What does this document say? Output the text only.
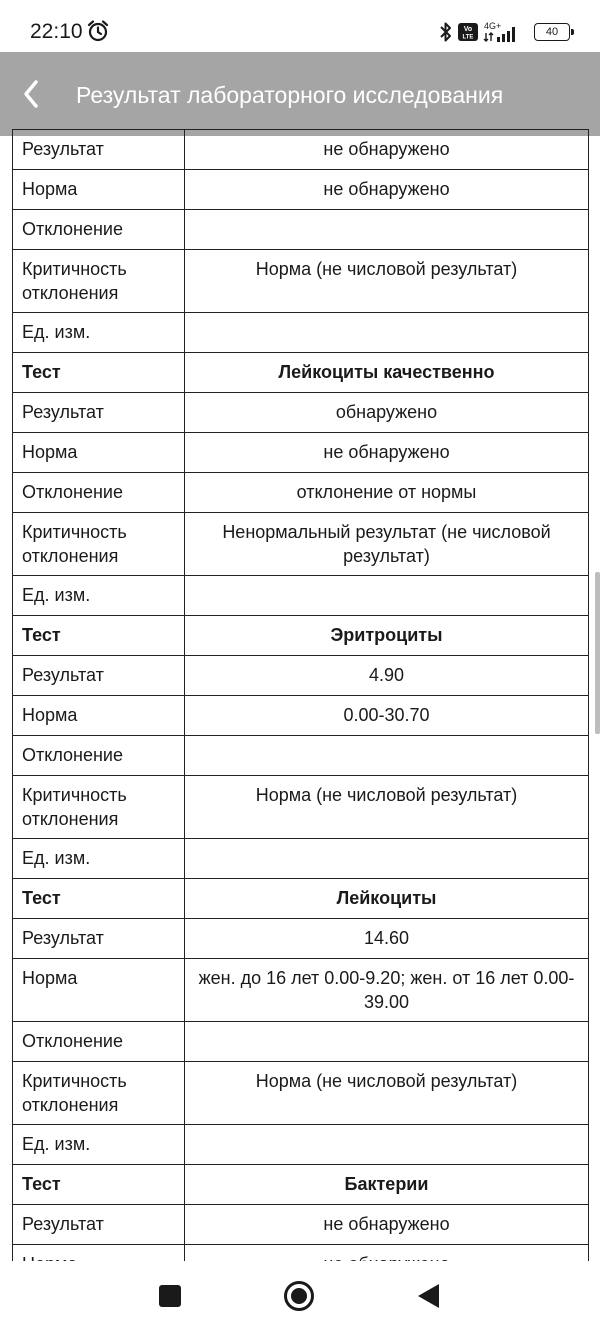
22:10	Vo
LTE
4G+	40
Результат лабораторного исследования
Результат	не обнаружено
Норма	не обнаружено
Отклонение	
Критичность отклонения	Норма (не числовой результат)
Ед. изм.	
Тест	Лейкоциты качественно
Результат	обнаружено
Норма	не обнаружено
Отклонение	отклонение от нормы
Критичность отклонения	Ненормальный результат (не числовой результат)
Ед. изм.	
Тест	Эритроциты
Результат	4.90
Норма	0.00-30.70
Отклонение	
Критичность отклонения	Норма (не числовой результат)
Ед. изм.	
Тест	Лейкоциты
Результат	14.60
Норма	жен. до 16 лет 0.00-9.20; жен. от 16 лет 0.00-39.00
Отклонение	
Критичность отклонения	Норма (не числовой результат)
Ед. изм.	
Тест	Бактерии
Результат	не обнаружено
